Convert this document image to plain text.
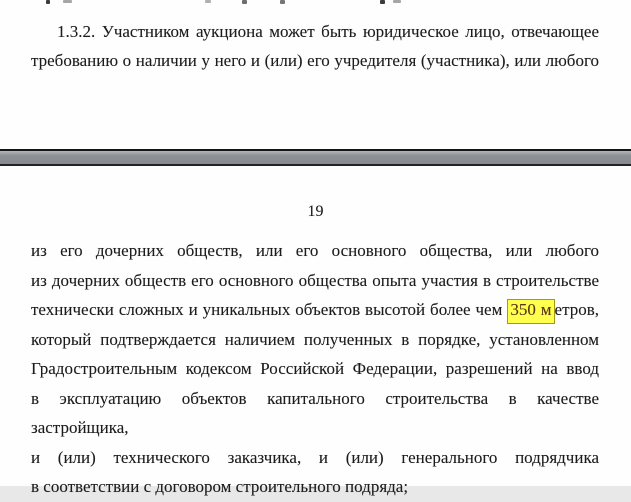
1.3.2. Участником аукциона может быть юридическое лицо, отвечающее
требованию о наличии у него и (или) его учредителя (участника), или любого
19
из его дочерних обществ, или его основного общества, или любого
из дочерних обществ его основного общества опыта участия в строительстве
технически сложных и уникальных объектов высотой более чем 350 м етров,
который подтверждается наличием полученных в порядке, установленном
Градостроительным кодексом Российской Федерации, разрешений на ввод
в эксплуатацию объектов капитального строительства в качестве застройщика,
и (или) технического заказчика, и (или) генерального подрядчика
в соответствии с договором строительного подряда;
